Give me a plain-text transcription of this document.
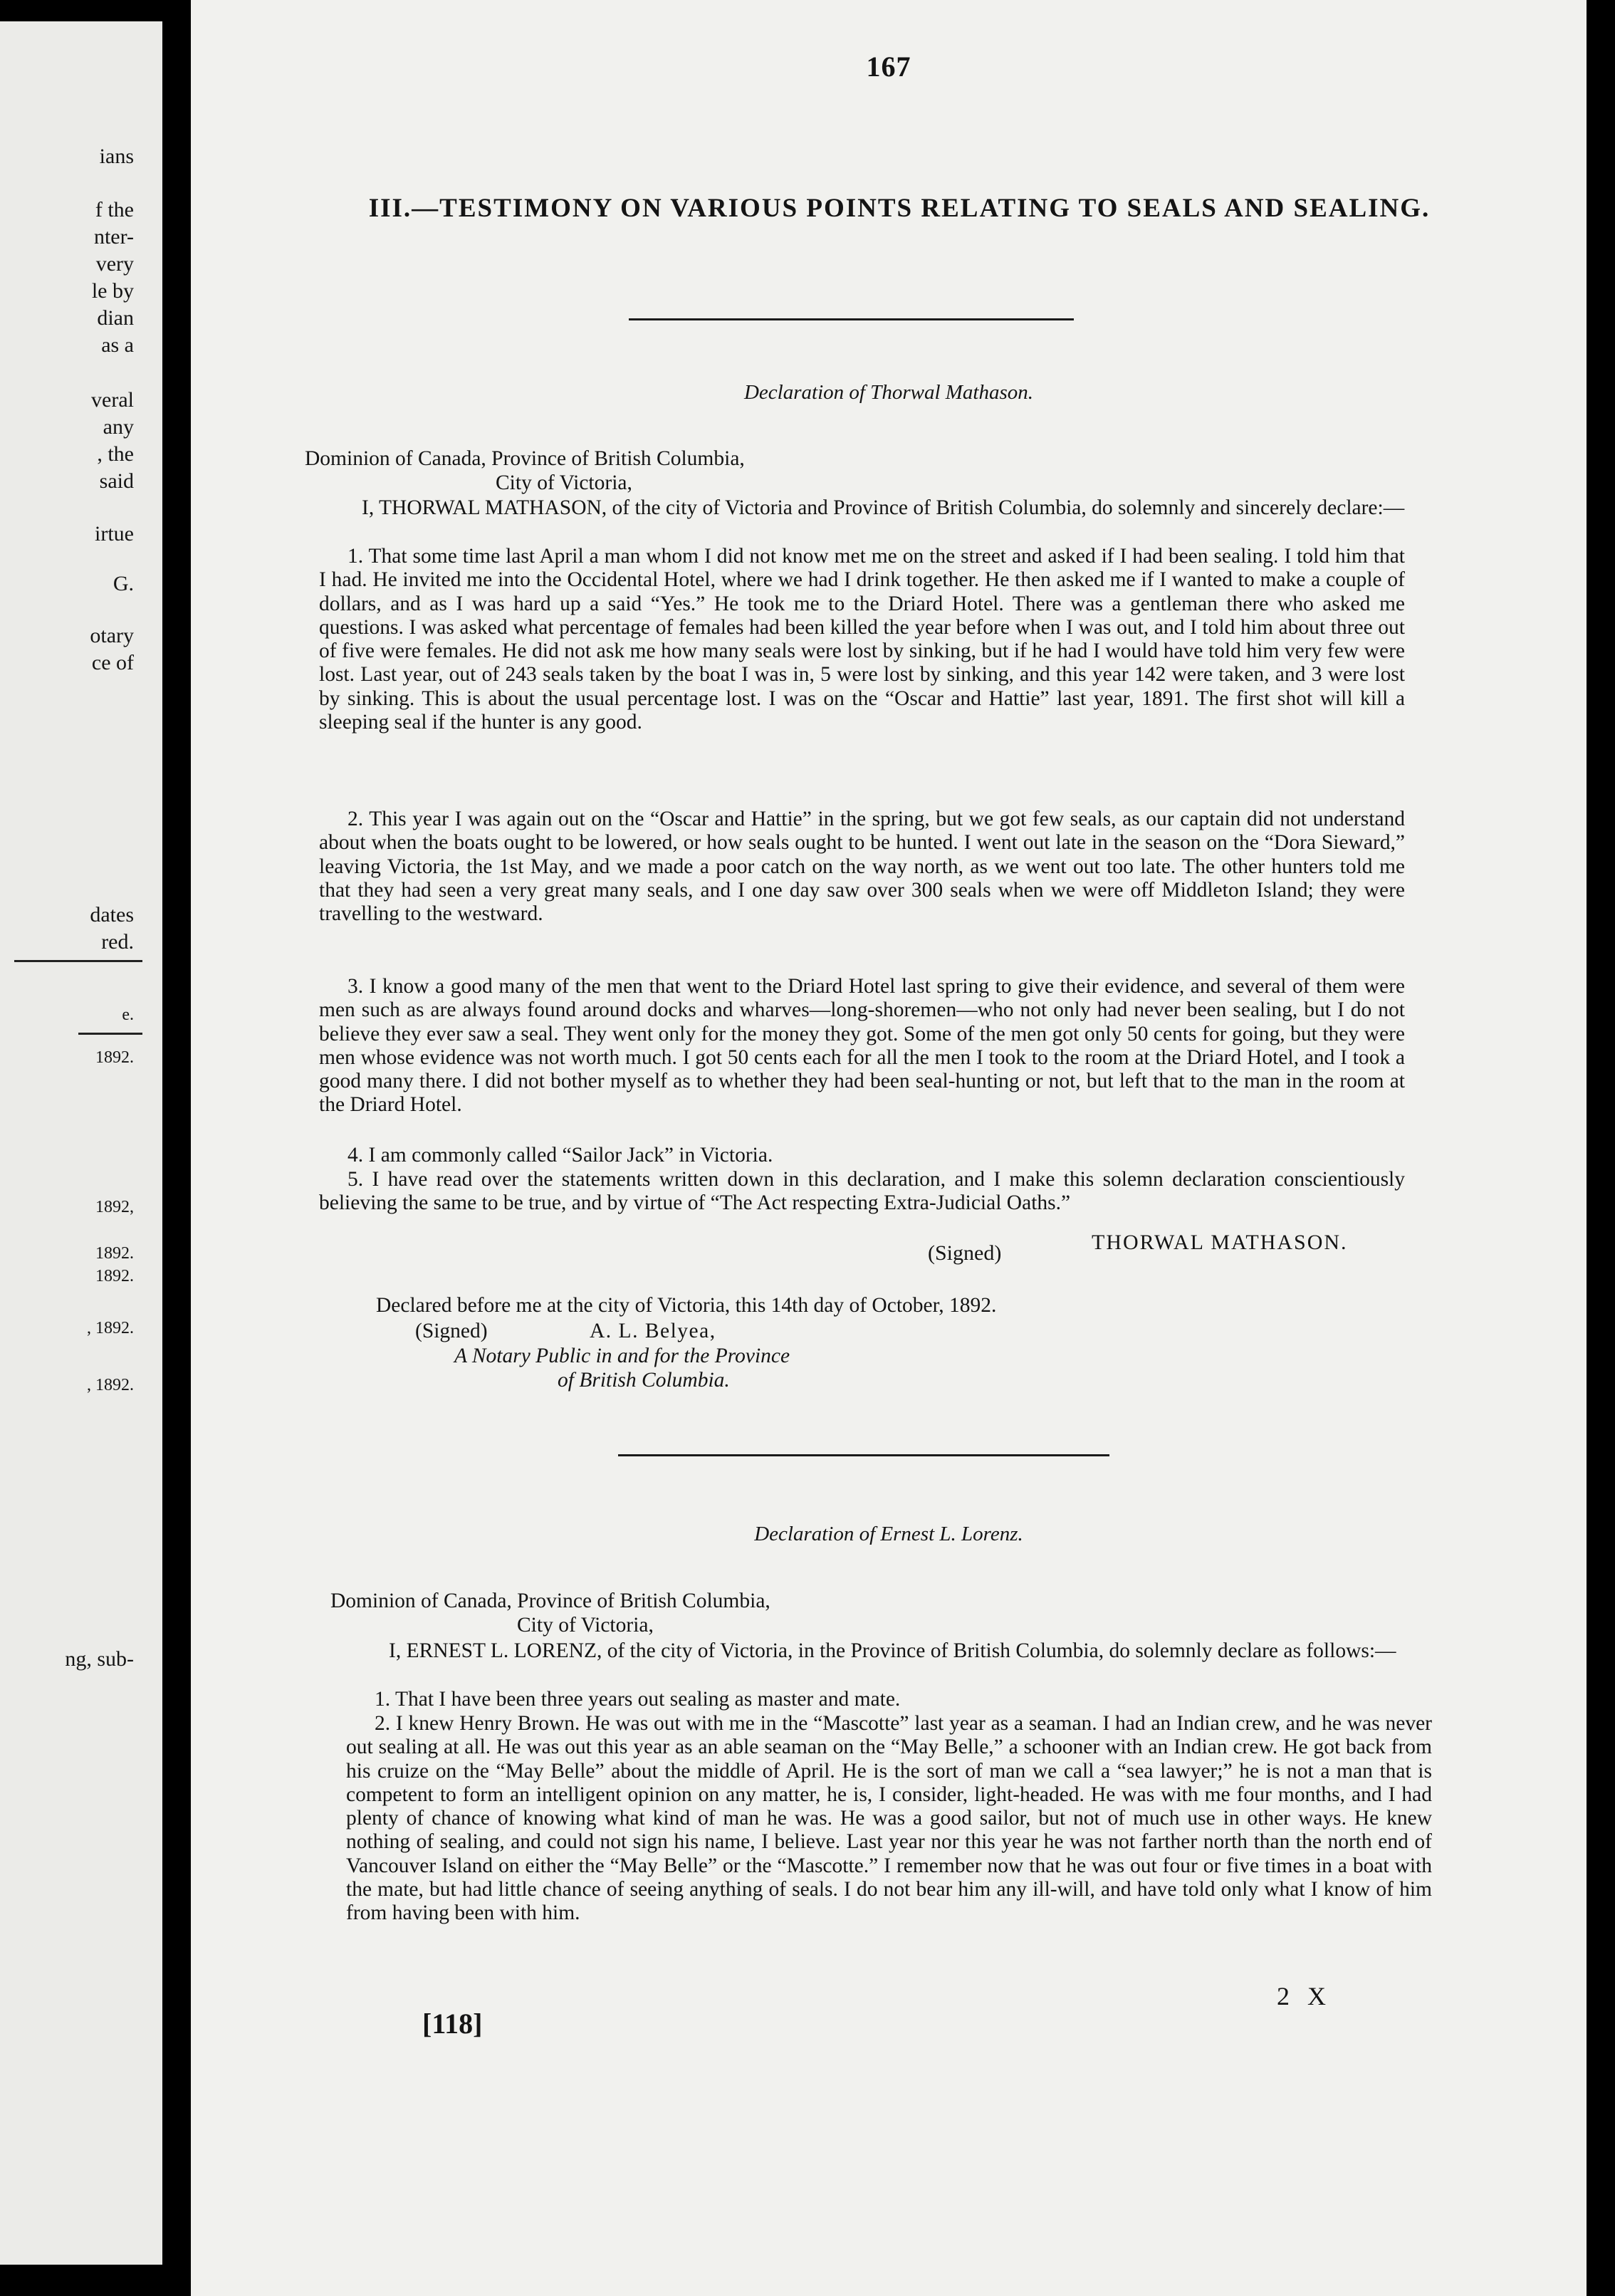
ians
f the
nter-
very
le by
dian
as a
veral
any
, the
said
irtue
G.
otary
ce of
dates
red.
e.
1892.
1892,
1892.
1892.
, 1892.
, 1892.
ng, sub-
167
III.—TESTIMONY ON VARIOUS POINTS RELATING TO SEALS AND SEALING.
Declaration of Thorwal Mathason.
Dominion of Canada, Province of British Columbia,
City of Victoria,
I, THORWAL MATHASON, of the city of Victoria and Province of British Columbia, do solemnly and sincerely declare:—
1. That some time last April a man whom I did not know met me on the street and asked if I had been sealing. I told him that I had. He invited me into the Occidental Hotel, where we had I drink together. He then asked me if I wanted to make a couple of dollars, and as I was hard up a said “Yes.” He took me to the Driard Hotel. There was a gentleman there who asked me questions. I was asked what percentage of females had been killed the year before when I was out, and I told him about three out of five were females. He did not ask me how many seals were lost by sinking, but if he had I would have told him very few were lost. Last year, out of 243 seals taken by the boat I was in, 5 were lost by sinking, and this year 142 were taken, and 3 were lost by sinking. This is about the usual percentage lost. I was on the “Oscar and Hattie” last year, 1891. The first shot will kill a sleeping seal if the hunter is any good.
2. This year I was again out on the “Oscar and Hattie” in the spring, but we got few seals, as our captain did not understand about when the boats ought to be lowered, or how seals ought to be hunted. I went out late in the season on the “Dora Sieward,” leaving Victoria, the 1st May, and we made a poor catch on the way north, as we went out too late. The other hunters told me that they had seen a very great many seals, and I one day saw over 300 seals when we were off Middleton Island; they were travelling to the westward.
3. I know a good many of the men that went to the Driard Hotel last spring to give their evidence, and several of them were men such as are always found around docks and wharves—long-shoremen—who not only had never been sealing, but I do not believe they ever saw a seal. They went only for the money they got. Some of the men got only 50 cents for going, but they were men whose evidence was not worth much. I got 50 cents each for all the men I took to the room at the Driard Hotel, and I took a good many there. I did not bother myself as to whether they had been seal-hunting or not, but left that to the man in the room at the Driard Hotel.
4. I am commonly called “Sailor Jack” in Victoria.
5. I have read over the statements written down in this declaration, and I make this solemn declaration conscientiously believing the same to be true, and by virtue of “The Act respecting Extra-Judicial Oaths.”
(Signed)	THORWAL MATHASON.
Declared before me at the city of Victoria, this 14th day of October, 1892.
(Signed)	A. L. Belyea,
A Notary Public in and for the Province
of British Columbia.
Declaration of Ernest L. Lorenz.
Dominion of Canada, Province of British Columbia,
City of Victoria,
I, ERNEST L. LORENZ, of the city of Victoria, in the Province of British Columbia, do solemnly declare as follows:—
1. That I have been three years out sealing as master and mate.
2. I knew Henry Brown. He was out with me in the “Mascotte” last year as a seaman. I had an Indian crew, and he was never out sealing at all. He was out this year as an able seaman on the “May Belle,” a schooner with an Indian crew. He got back from his cruize on the “May Belle” about the middle of April. He is the sort of man we call a “sea lawyer;” he is not a man that is competent to form an intelligent opinion on any matter, he is, I consider, light-headed. He was with me four months, and I had plenty of chance of knowing what kind of man he was. He was a good sailor, but not of much use in other ways. He knew nothing of sealing, and could not sign his name, I believe. Last year nor this year he was not farther north than the north end of Vancouver Island on either the “May Belle” or the “Mascotte.” I remember now that he was out four or five times in a boat with the mate, but had little chance of seeing anything of seals. I do not bear him any ill-will, and have told only what I know of him from having been with him.
[118]
2 X
